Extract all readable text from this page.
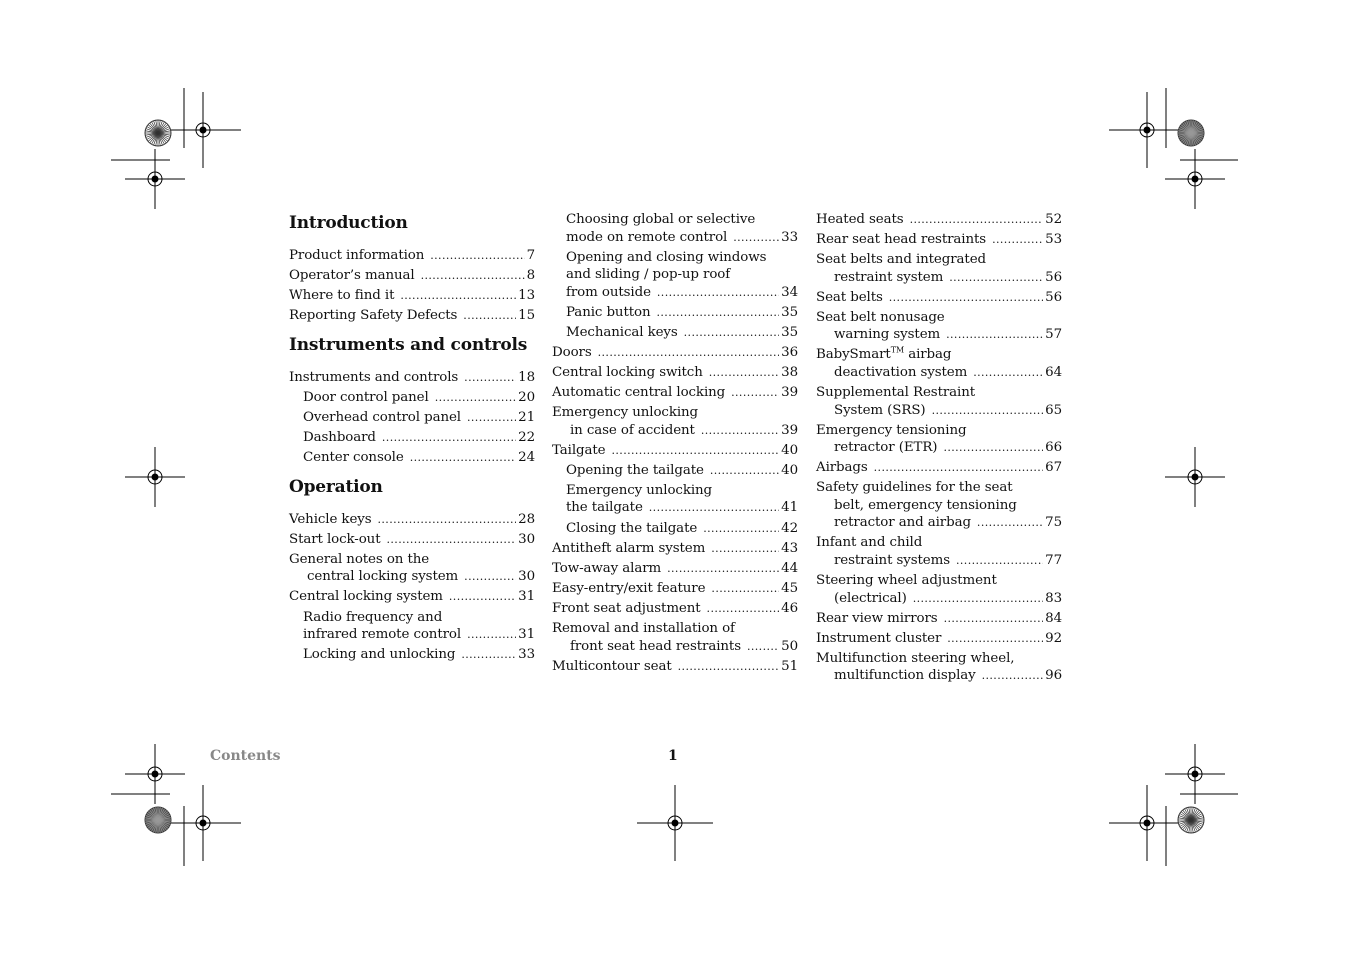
Introduction
Product information .....	7
Operator’s manual .....	8
Where to find it .....	13
Reporting Safety Defects .....	15
Instruments and controls
Instruments and controls .....	18
Door control panel .....	20
Overhead control panel .....	21
Dashboard .....	22
Center console .....	24
Operation
Vehicle keys .....	28
Start lock-out .....	30
General notes on the
central locking system .....	30
Central locking system .....	31
Radio frequency and
infrared remote control .....	31
Locking and unlocking .....	33
Choosing global or selective
mode on remote control .....	33
Opening and closing windows
and sliding / pop-up roof
from outside .....	34
Panic button .....	35
Mechanical keys .....	35
Doors .....	36
Central locking switch .....	38
Automatic central locking .....	39
Emergency unlocking
in case of accident .....	39
Tailgate .....	40
Opening the tailgate .....	40
Emergency unlocking
the tailgate .....	41
Closing the tailgate .....	42
Antitheft alarm system .....	43
Tow-away alarm .....	44
Easy-entry/exit feature .....	45
Front seat adjustment .....	46
Removal and installation of
front seat head restraints .....	50
Multicontour seat .....	51
Heated seats .....	52
Rear seat head restraints .....	53
Seat belts and integrated
restraint system .....	56
Seat belts .....	56
Seat belt nonusage
warning system .....	57
BabySmart™ airbag
deactivation system .....	64
Supplemental Restraint
System (SRS) .....	65
Emergency tensioning
retractor (ETR) .....	66
Airbags .....	67
Safety guidelines for the seat
belt, emergency tensioning
retractor and airbag .....	75
Infant and child
restraint systems .....	77
Steering wheel adjustment
(electrical) .....	83
Rear view mirrors .....	84
Instrument cluster .....	92
Multifunction steering wheel,
multifunction display .....	96
Contents	1
